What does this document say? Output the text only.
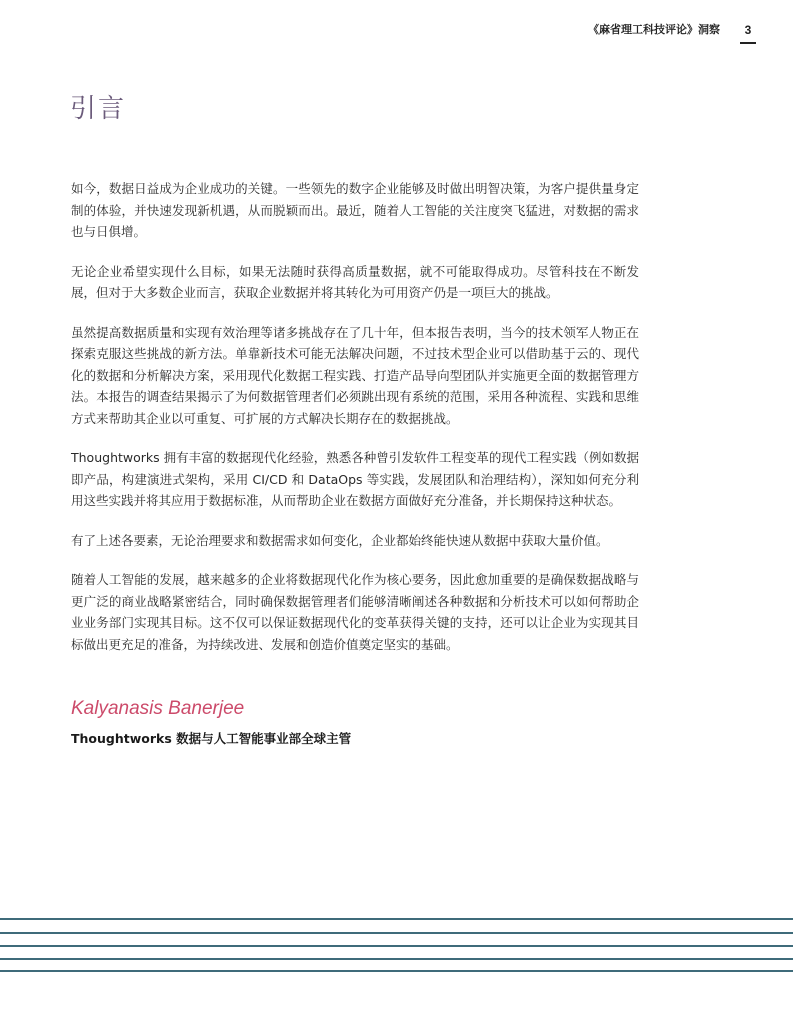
《麻省理工科技评论》洞察	3
引言

如今，数据日益成为企业成功的关键。一些领先的数字企业能够及时做出明智决策，为客户提供量身定制的体验，并快速发现新机遇，从而脱颖而出。最近，随着人工智能的关注度突飞猛进，对数据的需求也与日俱增。

无论企业希望实现什么目标，如果无法随时获得高质量数据，就不可能取得成功。尽管科技在不断发展，但对于大多数企业而言，获取企业数据并将其转化为可用资产仍是一项巨大的挑战。

虽然提高数据质量和实现有效治理等诸多挑战存在了几十年，但本报告表明，当今的技术领军人物正在探索克服这些挑战的新方法。单靠新技术可能无法解决问题，不过技术型企业可以借助基于云的、现代化的数据和分析解决方案，采用现代化数据工程实践、打造产品导向型团队并实施更全面的数据管理方法。本报告的调查结果揭示了为何数据管理者们必须跳出现有系统的范围，采用各种流程、实践和思维方式来帮助其企业以可重复、可扩展的方式解决长期存在的数据挑战。

Thoughtworks 拥有丰富的数据现代化经验，熟悉各种曾引发软件工程变革的现代工程实践（例如数据即产品，构建演进式架构，采用 CI/CD 和 DataOps 等实践，发展团队和治理结构），深知如何充分利用这些实践并将其应用于数据标准，从而帮助企业在数据方面做好充分准备，并长期保持这种状态。

有了上述各要素，无论治理要求和数据需求如何变化，企业都始终能快速从数据中获取大量价值。

随着人工智能的发展，越来越多的企业将数据现代化作为核心要务，因此愈加重要的是确保数据战略与更广泛的商业战略紧密结合，同时确保数据管理者们能够清晰阐述各种数据和分析技术可以如何帮助企业业务部门实现其目标。这不仅可以保证数据现代化的变革获得关键的支持，还可以让企业为实现其目标做出更充足的准备，为持续改进、发展和创造价值奠定坚实的基础。

Kalyanasis Banerjee

Thoughtworks 数据与人工智能事业部全球主管
